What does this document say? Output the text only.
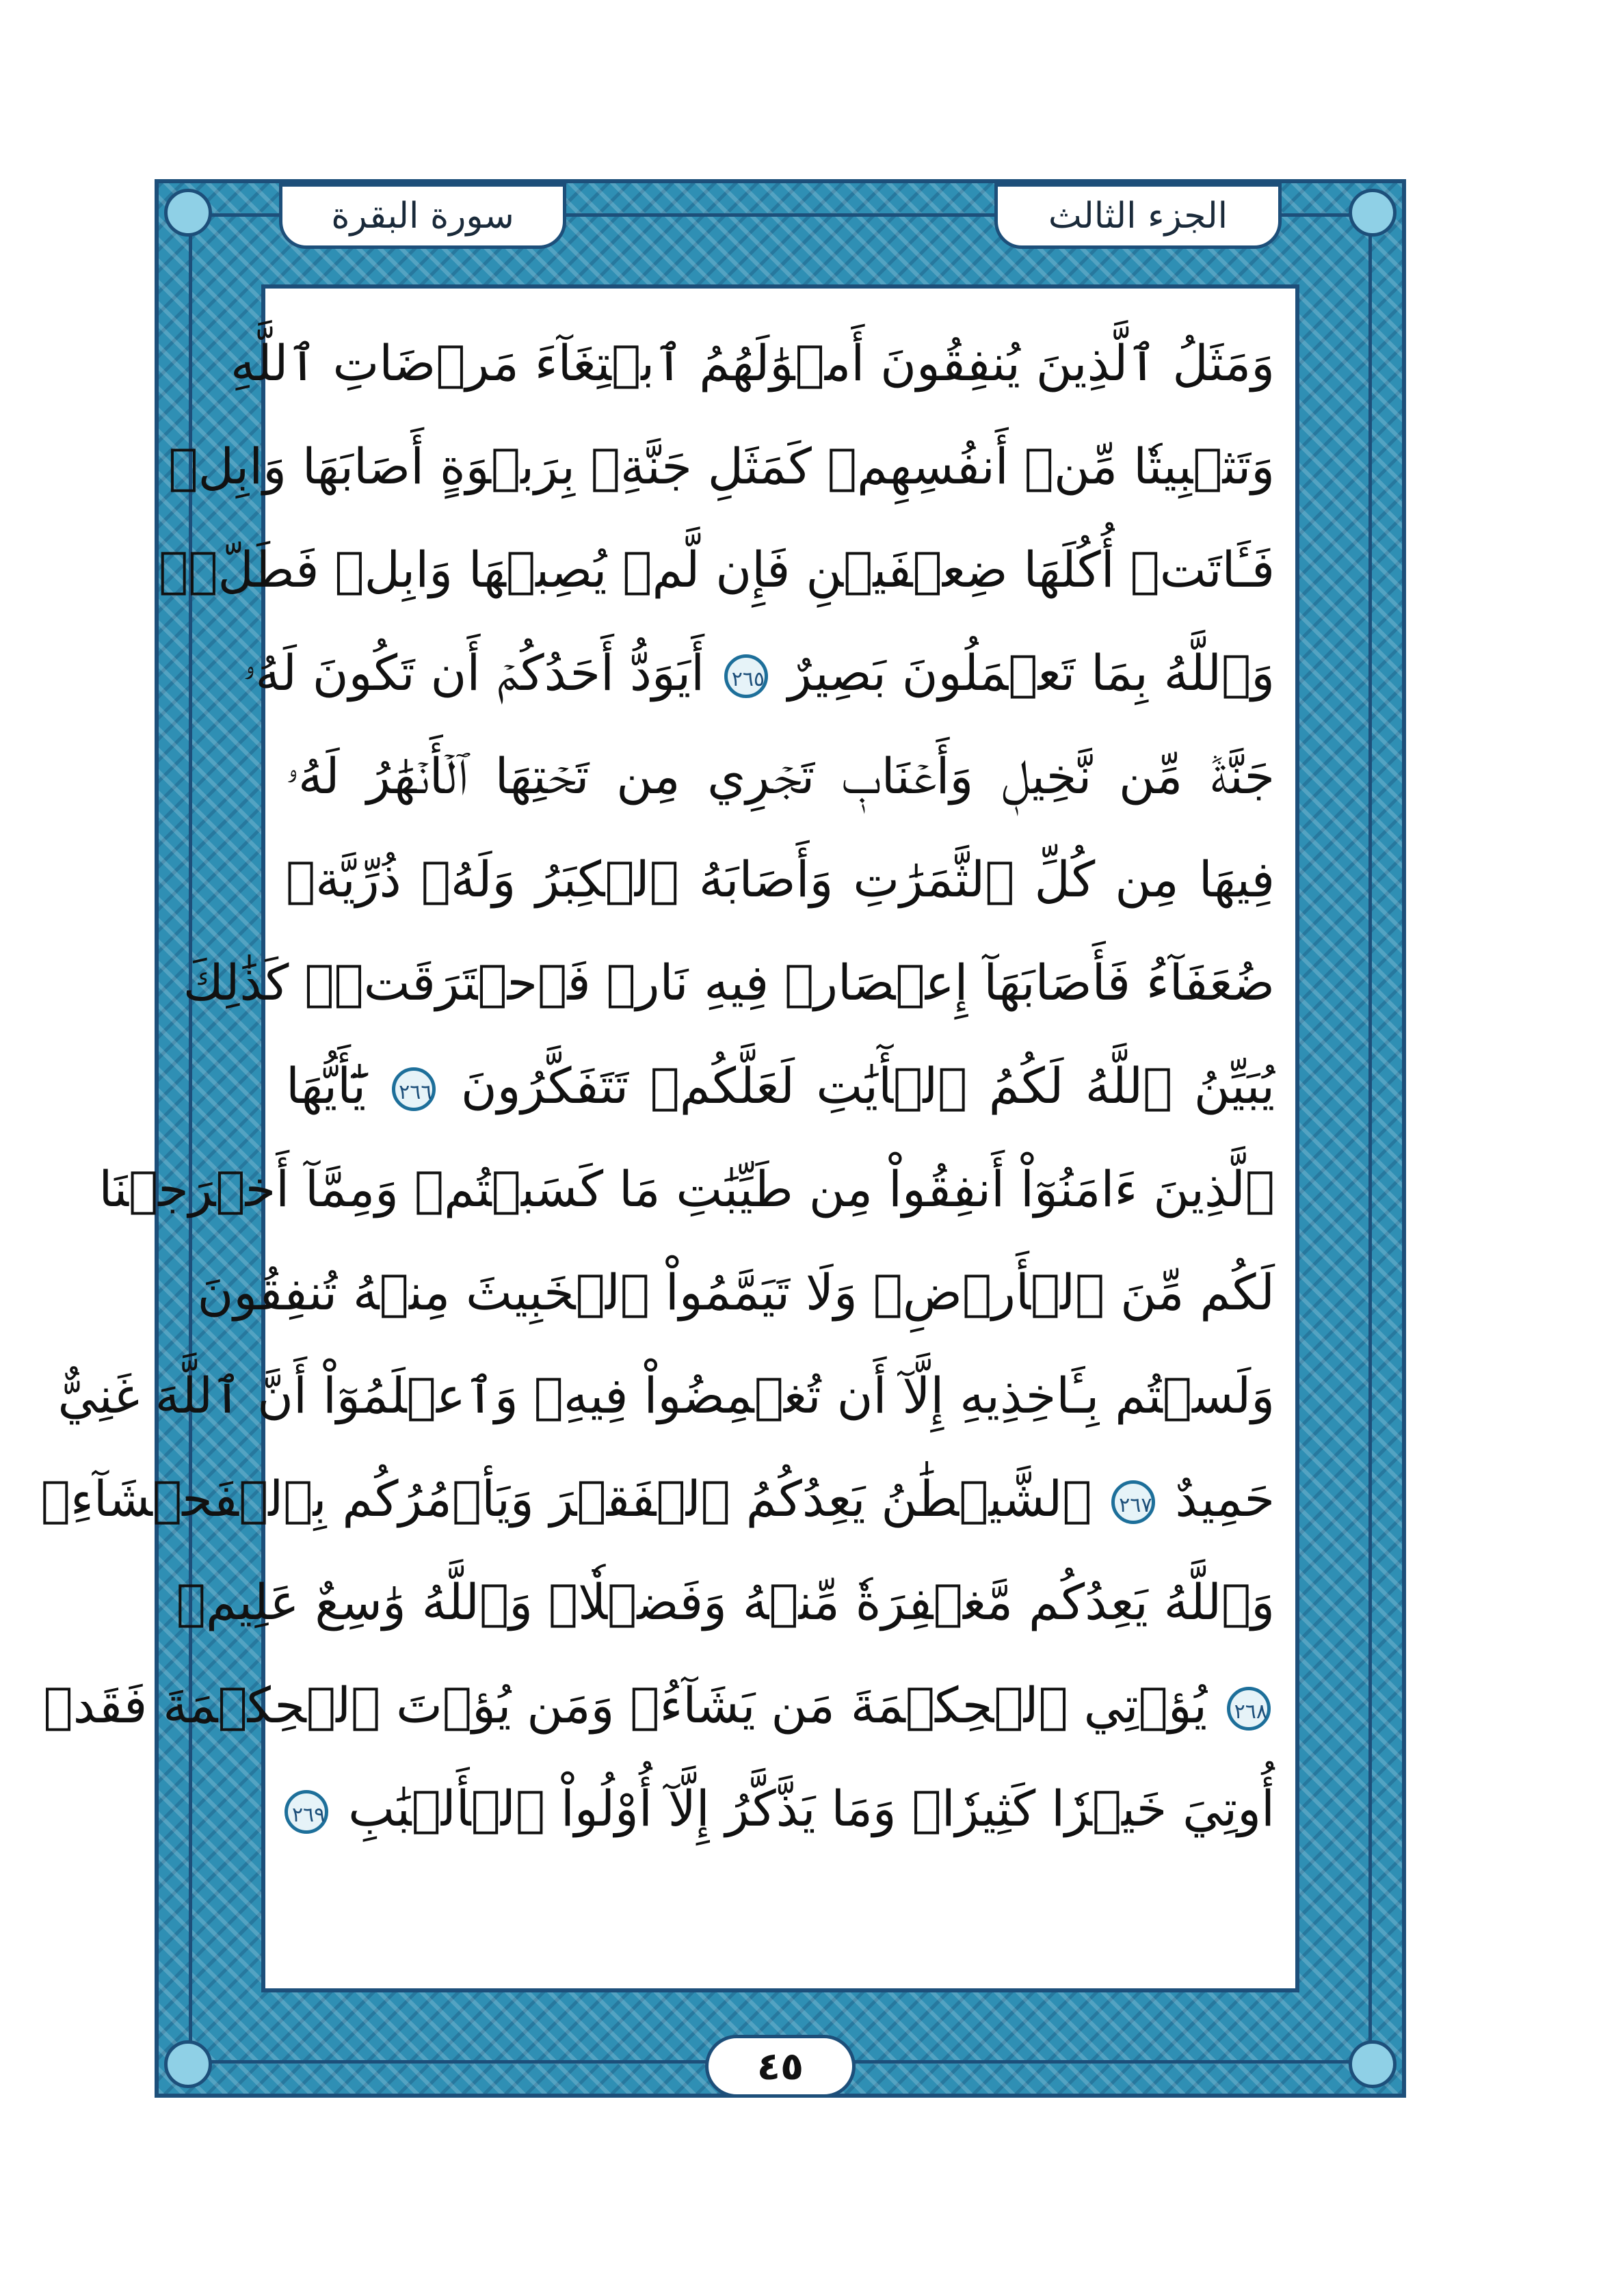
سورة البقرة	الجزء الثالث
وَمَثَلُ ٱلَّذِينَ يُنفِقُونَ أَمۡوَٰلَهُمُ ٱبۡتِغَآءَ مَرۡضَاتِ ٱللَّهِ
وَتَثۡبِيتٗا مِّنۡ أَنفُسِهِمۡ كَمَثَلِ جَنَّةِۭ بِرَبۡوَةٍ أَصَابَهَا وَابِلٞ
فَـَٔاتَتۡ أُكُلَهَا ضِعۡفَيۡنِ فَإِن لَّمۡ يُصِبۡهَا وَابِلٞ فَطَلّٞۗ
وَٱللَّهُ بِمَا تَعۡمَلُونَ بَصِيرٌ ٢٦٥ أَيَوَدُّ أَحَدُكُمۡ أَن تَكُونَ لَهُۥ
جَنَّةٞ مِّن نَّخِيلٖ وَأَعۡنَابٖ تَجۡرِي مِن تَحۡتِهَا ٱلۡأَنۡهَٰرُ لَهُۥ
فِيهَا مِن كُلِّ ٱلثَّمَرَٰتِ وَأَصَابَهُ ٱلۡكِبَرُ وَلَهُۥ ذُرِّيَّةٞ
ضُعَفَآءُ فَأَصَابَهَآ إِعۡصَارٞ فِيهِ نَارٞ فَٱحۡتَرَقَتۡۗ كَذَٰلِكَ
يُبَيِّنُ ٱللَّهُ لَكُمُ ٱلۡأٓيَٰتِ لَعَلَّكُمۡ تَتَفَكَّرُونَ ٢٦٦ يَٰٓأَيُّهَا
ٱلَّذِينَ ءَامَنُوٓاْ أَنفِقُواْ مِن طَيِّبَٰتِ مَا كَسَبۡتُمۡ وَمِمَّآ أَخۡرَجۡنَا
لَكُم مِّنَ ٱلۡأَرۡضِۖ وَلَا تَيَمَّمُواْ ٱلۡخَبِيثَ مِنۡهُ تُنفِقُونَ
وَلَسۡتُم بِـَٔاخِذِيهِ إِلَّآ أَن تُغۡمِضُواْ فِيهِۚ وَٱعۡلَمُوٓاْ أَنَّ ٱللَّهَ غَنِيٌّ
حَمِيدٌ ٢٦٧ ٱلشَّيۡطَٰنُ يَعِدُكُمُ ٱلۡفَقۡرَ وَيَأۡمُرُكُم بِٱلۡفَحۡشَآءِۖ
وَٱللَّهُ يَعِدُكُم مَّغۡفِرَةٗ مِّنۡهُ وَفَضۡلٗاۗ وَٱللَّهُ وَٰسِعٌ عَلِيمٞ
٢٦٨ يُؤۡتِي ٱلۡحِكۡمَةَ مَن يَشَآءُۚ وَمَن يُؤۡتَ ٱلۡحِكۡمَةَ فَقَدۡ
أُوتِيَ خَيۡرٗا كَثِيرٗاۗ وَمَا يَذَّكَّرُ إِلَّآ أُوْلُواْ ٱلۡأَلۡبَٰبِ ٢٦٩
٤٥
